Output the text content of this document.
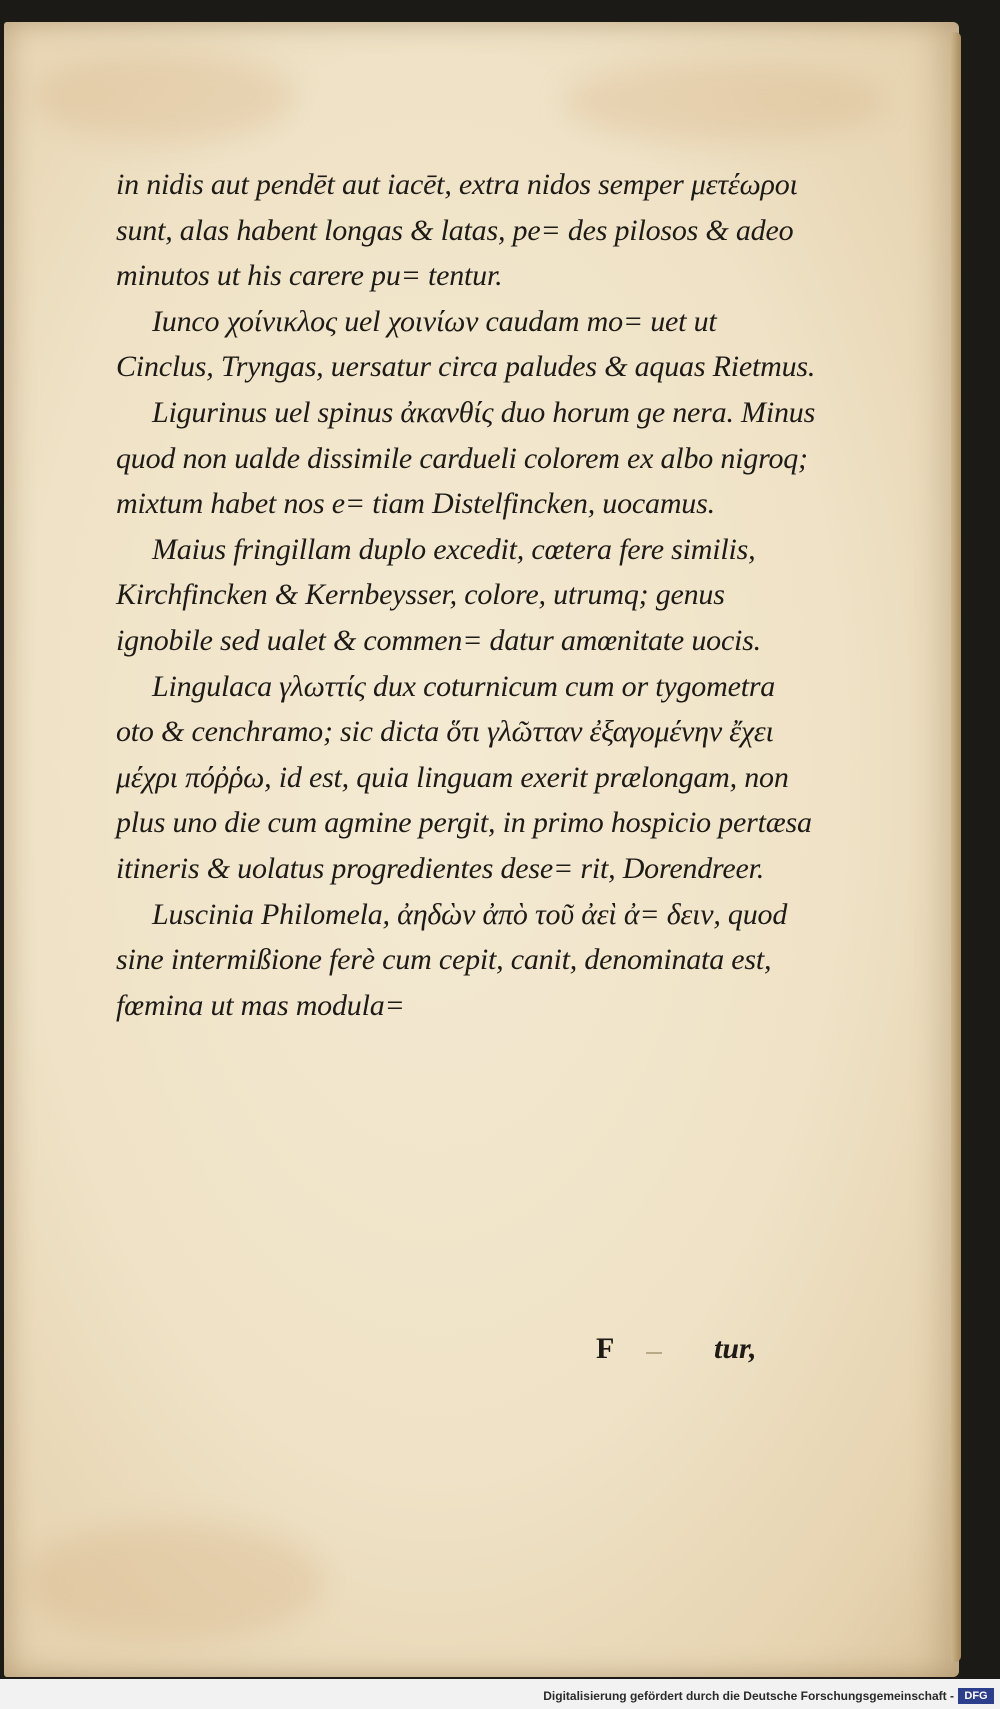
in nidis aut pendēt aut iacēt, extra nidos semper μετέωροι sunt, alas habent longas & latas, pe= des pilosos & adeo minutos ut his carere pu= tentur.

Iunco χοίνικλος uel χοινίων caudam mo= uet ut Cinclus, Tryngas, uersatur circa paludes & aquas Rietmus.

Ligurinus uel spinus ἀκανθίς duo horum ge nera. Minus quod non ualde dissimile cardueli colorem ex albo nigroq; mixtum habet nos e= tiam Distelfincken, uocamus.

Maius fringillam duplo excedit, cœtera fere similis, Kirchfincken & Kernbeysser, colore, utrumq; genus ignobile sed ualet & commen= datur amœnitate uocis.

Lingulaca γλωττίς dux coturnicum cum or tygometra oto & cenchramo; sic dicta ὅτι γλῶτταν ἐξαγομένην ἔχει μέχρι πόῤῥω, id est, quia linguam exerit prælongam, non plus uno die cum agmine pergit, in primo hospicio pertæsa itineris & uolatus progredientes dese= rit, Dorendreer.

Luscinia Philomela, ἀηδὼν ἀπὸ τοῦ ἀεὶ ἀ= δειν, quod sine intermißione ferè cum cepit, canit, denominata est, fœmina ut mas modula=

F	tur,
Digitalisierung gefördert durch die Deutsche Forschungsgemeinschaft - DFG
